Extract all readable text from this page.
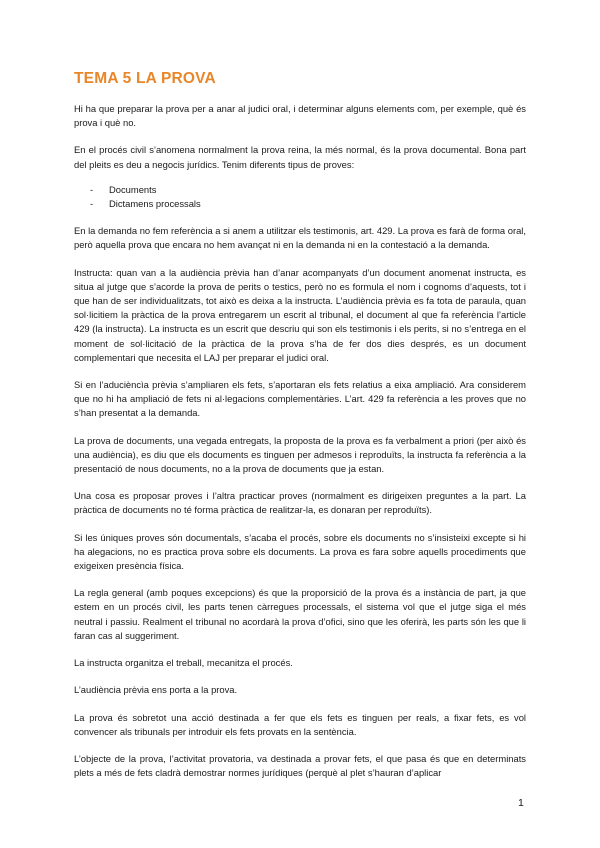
TEMA 5 LA PROVA

Hi ha que preparar la prova per a anar al judici oral, i determinar alguns elements com, per exemple, què és prova i què no.

En el procés civil s’anomena normalment la prova reina, la més normal, és la prova documental. Bona part del pleits es deu a negocis jurídics. Tenim diferents tipus de proves:

- Documents
- Dictamens processals

En la demanda no fem referència a si anem a utilitzar els testimonis, art. 429. La prova es farà de forma oral, però aquella prova que encara no hem avançat ni en la demanda ni en la contestació a la demanda.

Instructa: quan van a la audiència prèvia han d’anar acompanyats d’un document anomenat instructa, es situa al jutge que s’acorde la prova de perits o testics, però no es formula el nom i cognoms d’aquests, tot i que han de ser individualitzats, tot això es deixa a la instructa. L’audiència prèvia es fa tota de paraula, quan sol·licitiem la pràctica de la prova entregarem un escrit al tribunal, el document al que fa referència l’article 429 (la instructa). La instructa es un escrit que descriu qui son els testimonis i els perits, si no s’entrega en el moment de sol·licitació de la pràctica de la prova s’ha de fer dos dies després, es un document complementari que necesita el LAJ per preparar el judici oral.

Si en l’aducièncìa prèvia s’ampliaren els fets, s’aportaran els fets relatius a eixa ampliació. Ara considerem que no hi ha ampliació de fets ni al·legacions complementàries. L’art. 429 fa referència a les proves que no s’han presentat a la demanda.

La prova de documents, una vegada entregats, la proposta de la prova es fa verbalment a priori (per això és una audiència), es diu que els documents es tinguen per admesos i reproduïts, la instructa fa referència a la presentació de nous documents, no a la prova de documents que ja estan.

Una cosa es proposar proves i l’altra practicar proves (normalment es dirigeixen preguntes a la part. La pràctica de documents no té forma pràctica de realitzar-la, es donaran per reproduïts).

Si les úniques proves són documentals, s’acaba el procés, sobre els documents no s’insisteixi excepte si hi ha alegacions, no es practica prova sobre els documents. La prova es fara sobre aquells procediments que exigeixen presència física.

La regla general (amb poques excepcions) és que la proporsició de la prova és a instància de part, ja que estem en un procés civil, les parts tenen càrregues processals, el sistema vol que el jutge siga el més neutral i passiu. Realment el tribunal no acordarà la prova d’ofici, sino que les oferirà, les parts són les que li faran cas al suggeriment.

La instructa organitza el treball, mecanitza el procés.

L’audiència prèvia ens porta a la prova.

La prova és sobretot una acció destinada a fer que els fets es tinguen per reals, a fixar fets, es vol convencer als tribunals per introduir els fets provats en la sentència.

L’objecte de la prova, l’activitat provatoria, va destinada a provar fets, el que pasa és que en determinats plets a més de fets cladrà demostrar normes jurídiques (perquè al plet s’hauran d’aplicar

1
